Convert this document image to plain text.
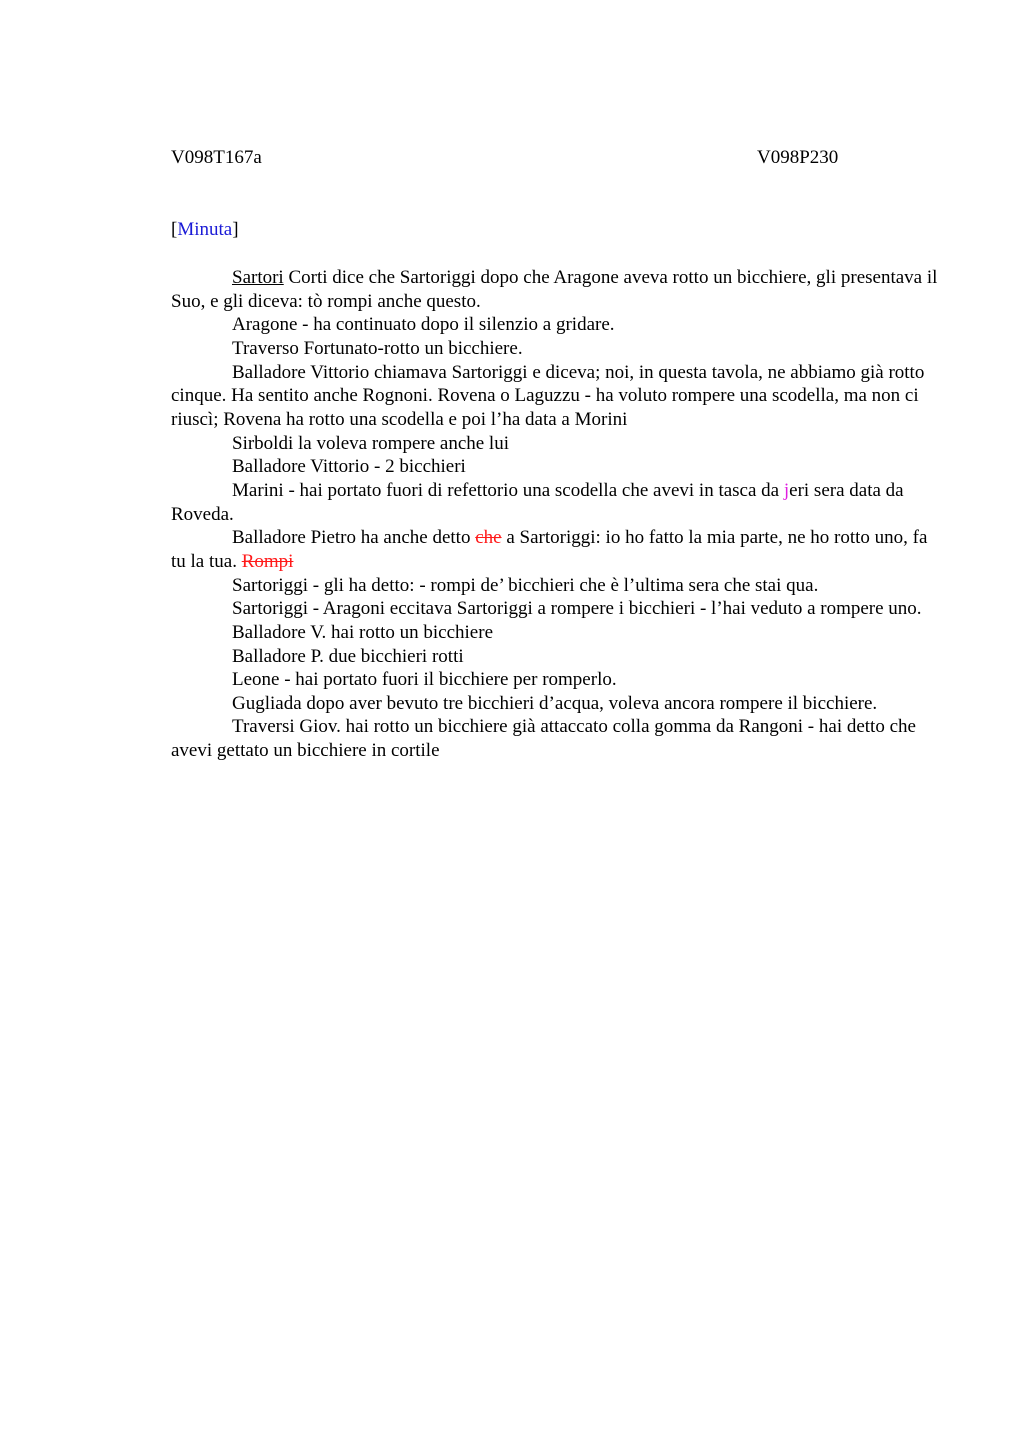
V098T167a	V098P230
[Minuta]

Sartori Corti dice che Sartoriggi dopo che Aragone aveva rotto un bicchiere, gli presentava il Suo, e gli diceva: tò rompi anche questo.

Aragone - ha continuato dopo il silenzio a gridare.

Traverso Fortunato-rotto un bicchiere.

Balladore Vittorio chiamava Sartoriggi e diceva; noi, in questa tavola, ne abbiamo già rotto cinque. Ha sentito anche Rognoni. Rovena o Laguzzu - ha voluto rompere una scodella, ma non ci riuscì; Rovena ha rotto una scodella e poi l’ha data a Morini

Sirboldi la voleva rompere anche lui

Balladore Vittorio - 2 bicchieri

Marini - hai portato fuori di refettorio una scodella che avevi in tasca da jeri sera data da Roveda.

Balladore Pietro ha anche detto che a Sartoriggi: io ho fatto la mia parte, ne ho rotto uno, fa tu la tua. Rompi

Sartoriggi - gli ha detto: - rompi de’ bicchieri che è l’ultima sera che stai qua.

Sartoriggi - Aragoni eccitava Sartoriggi a rompere i bicchieri - l’hai veduto a rompere uno.

Balladore V. hai rotto un bicchiere

Balladore P. due bicchieri rotti

Leone - hai portato fuori il bicchiere per romperlo.

Gugliada dopo aver bevuto tre bicchieri d’acqua, voleva ancora rompere il bicchiere.

Traversi Giov. hai rotto un bicchiere già attaccato colla gomma da Rangoni - hai detto che avevi gettato un bicchiere in cortile
